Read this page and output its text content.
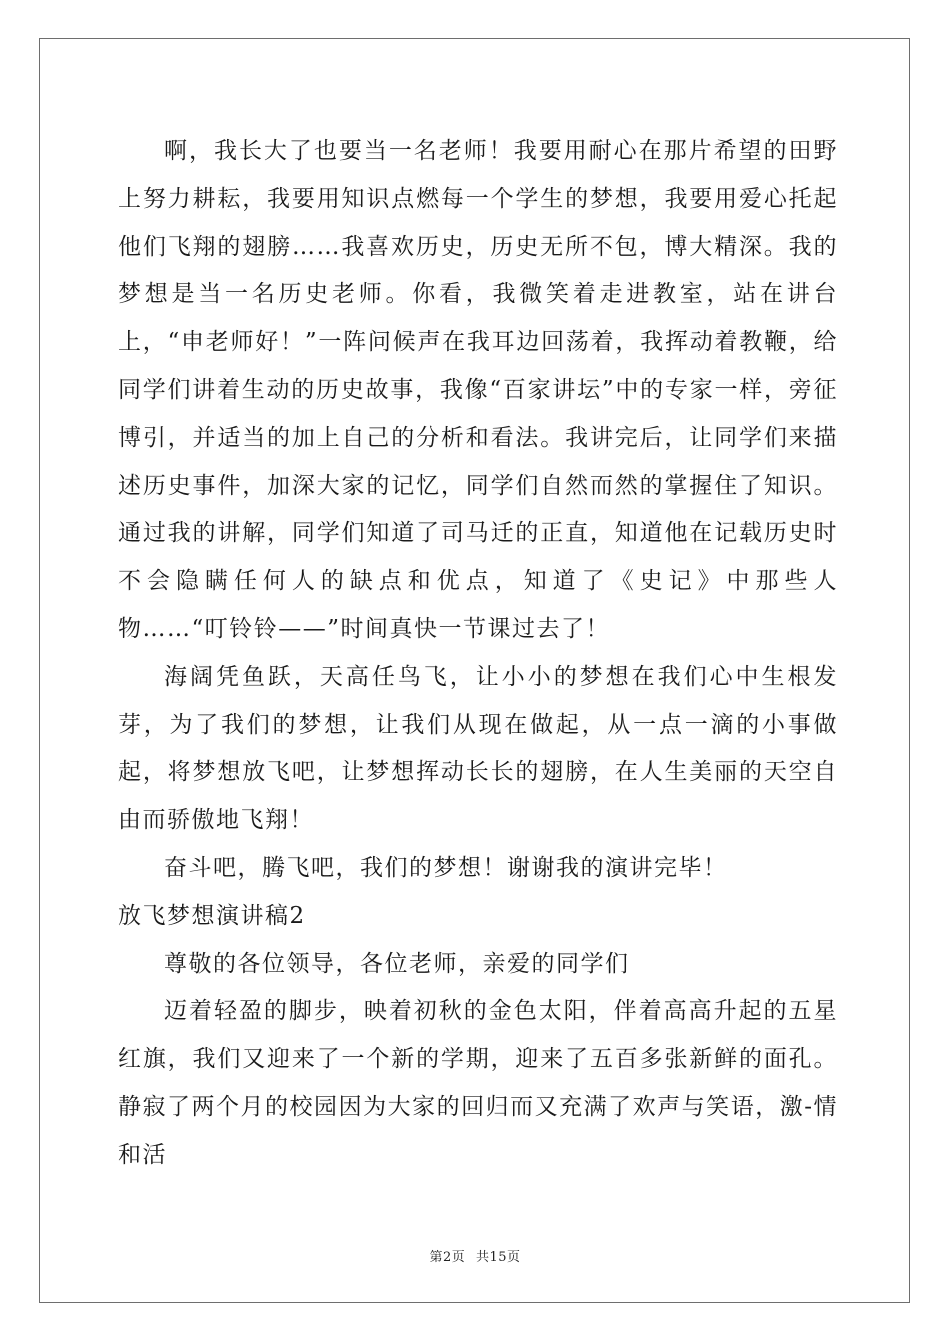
啊，我长大了也要当一名老师！我要用耐心在那片希望的田野上努力耕耘，我要用知识点燃每一个学生的梦想，我要用爱心托起他们飞翔的翅膀……我喜欢历史，历史无所不包，博大精深。我的梦想是当一名历史老师。你看，我微笑着走进教室，站在讲台上，“申老师好！”一阵问候声在我耳边回荡着，我挥动着教鞭，给同学们讲着生动的历史故事，我像“百家讲坛”中的专家一样，旁征博引，并适当的加上自己的分析和看法。我讲完后，让同学们来描述历史事件，加深大家的记忆，同学们自然而然的掌握住了知识。通过我的讲解，同学们知道了司马迁的正直，知道他在记载历史时不会隐瞒任何人的缺点和优点，知道了《史记》中那些人物……“叮铃铃——”时间真快一节课过去了！

海阔凭鱼跃，天高任鸟飞，让小小的梦想在我们心中生根发芽，为了我们的梦想，让我们从现在做起，从一点一滴的小事做起，将梦想放飞吧，让梦想挥动长长的翅膀，在人生美丽的天空自由而骄傲地飞翔！

奋斗吧，腾飞吧，我们的梦想！谢谢我的演讲完毕！

放飞梦想演讲稿2

尊敬的各位领导，各位老师，亲爱的同学们

迈着轻盈的脚步，映着初秋的金色太阳，伴着高高升起的五星红旗，我们又迎来了一个新的学期，迎来了五百多张新鲜的面孔。静寂了两个月的校园因为大家的回归而又充满了欢声与笑语，激-情和活

第2页 共15页
